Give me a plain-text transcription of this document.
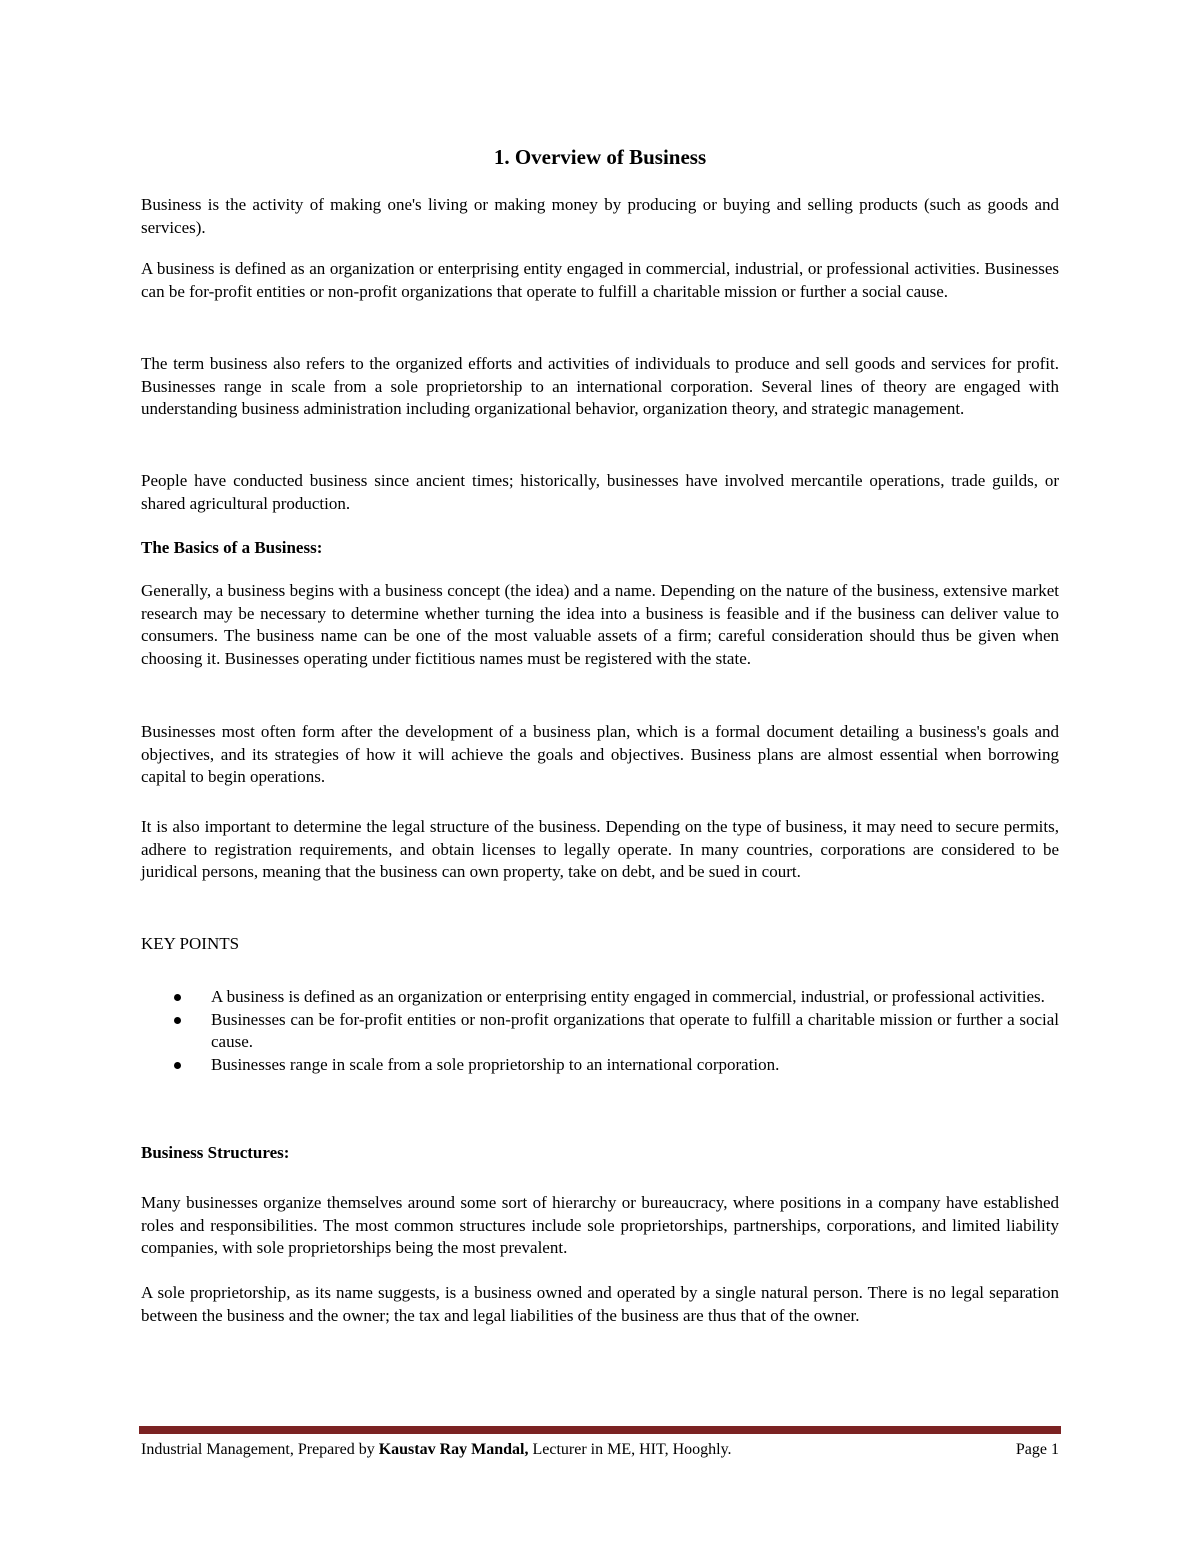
1. Overview of Business

Business is the activity of making one's living or making money by producing or buying and selling products (such as goods and services).

A business is defined as an organization or enterprising entity engaged in commercial, industrial, or professional activities. Businesses can be for-profit entities or non-profit organizations that operate to fulfill a charitable mission or further a social cause.

The term business also refers to the organized efforts and activities of individuals to produce and sell goods and services for profit. Businesses range in scale from a sole proprietorship to an international corporation. Several lines of theory are engaged with understanding business administration including organizational behavior, organization theory, and strategic management.

People have conducted business since ancient times; historically, businesses have involved mercantile operations, trade guilds, or shared agricultural production.

The Basics of a Business:

Generally, a business begins with a business concept (the idea) and a name. Depending on the nature of the business, extensive market research may be necessary to determine whether turning the idea into a business is feasible and if the business can deliver value to consumers. The business name can be one of the most valuable assets of a firm; careful consideration should thus be given when choosing it. Businesses operating under fictitious names must be registered with the state.

Businesses most often form after the development of a business plan, which is a formal document detailing a business's goals and objectives, and its strategies of how it will achieve the goals and objectives. Business plans are almost essential when borrowing capital to begin operations.

It is also important to determine the legal structure of the business. Depending on the type of business, it may need to secure permits, adhere to registration requirements, and obtain licenses to legally operate. In many countries, corporations are considered to be juridical persons, meaning that the business can own property, take on debt, and be sued in court.

KEY POINTS

A business is defined as an organization or enterprising entity engaged in commercial, industrial, or professional activities.
Businesses can be for-profit entities or non-profit organizations that operate to fulfill a charitable mission or further a social cause.
Businesses range in scale from a sole proprietorship to an international corporation.

Business Structures:

Many businesses organize themselves around some sort of hierarchy or bureaucracy, where positions in a company have established roles and responsibilities. The most common structures include sole proprietorships, partnerships, corporations, and limited liability companies, with sole proprietorships being the most prevalent.

A sole proprietorship, as its name suggests, is a business owned and operated by a single natural person. There is no legal separation between the business and the owner; the tax and legal liabilities of the business are thus that of the owner.

Industrial Management, Prepared by Kaustav Ray Mandal, Lecturer in ME, HIT, Hooghly.	Page 1
